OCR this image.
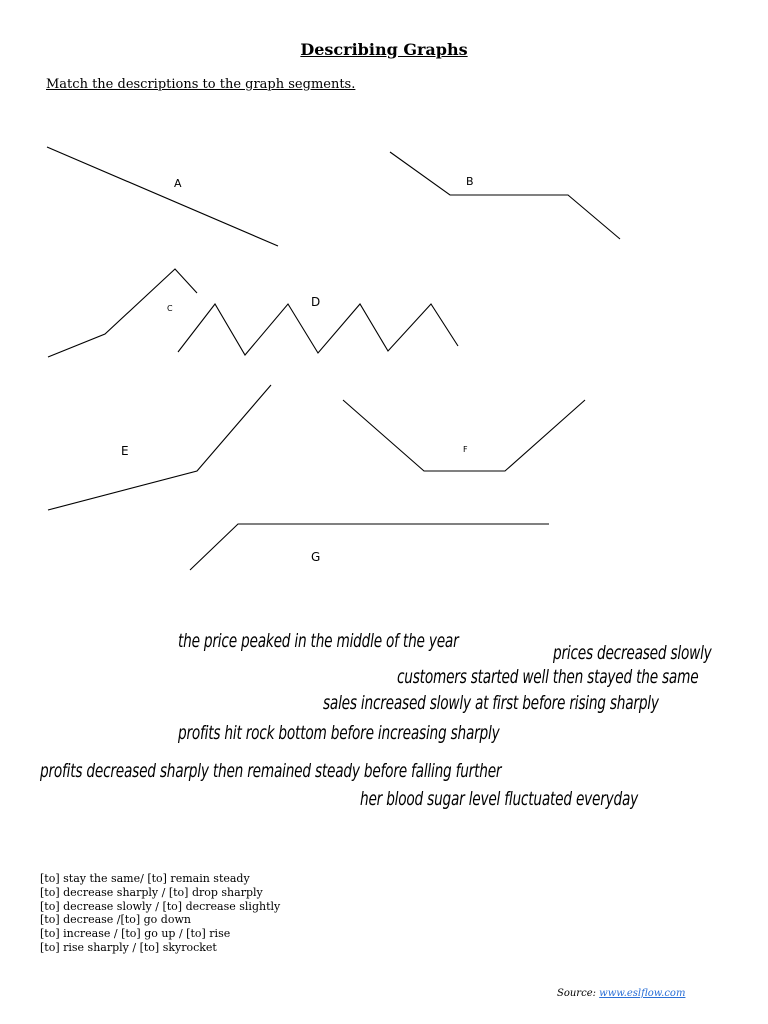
Describing Graphs
Match the descriptions to the graph segments.
A	B
C	D
E	F
G
the price peaked in the middle of the year
prices decreased slowly
customers started well then stayed the same
sales increased slowly at first before rising sharply
profits hit rock bottom before increasing sharply
profits decreased sharply then remained steady before falling further
her blood sugar level fluctuated everyday
[to] stay the same/ [to] remain steady
[to] decrease sharply / [to] drop sharply
[to] decrease slowly / [to] decrease slightly
[to] decrease /[to] go down
[to] increase / [to] go up / [to] rise
[to] rise sharply / [to] skyrocket
Source: www.eslflow.com
